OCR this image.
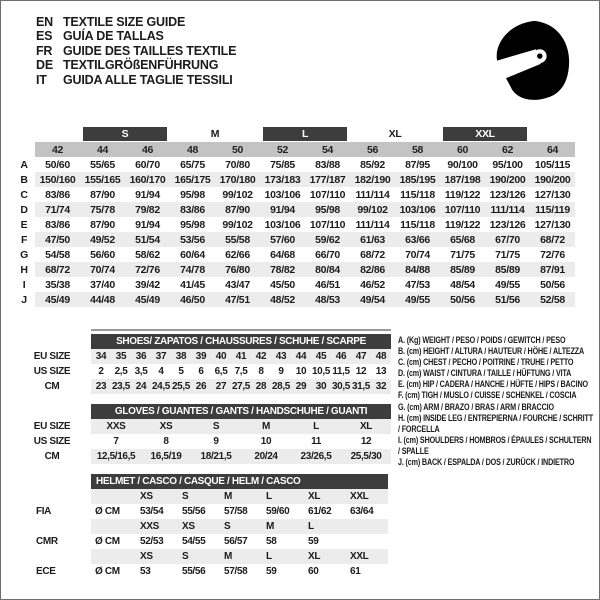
EN TEXTILE SIZE GUIDE
ES GUÍA DE TALLAS
FR GUIDE DES TAILLES TEXTILE
DE TEXTILGRÖßENFÜHRUNG
IT	GUIDA ALLE TAGLIE TESSILI

		S		M		L		XL		XXL		

	42	44	46	48	50	52	54	56	58	60	62	64
A	50/60	55/65	60/70	65/75	70/80	75/85	83/88	85/92	87/95	90/100	95/100	105/115
B	150/160	155/165	160/170	165/175	170/180	173/183	177/187	182/190	185/195	187/198	190/200	190/200
C	83/86	87/90	91/94	95/98	99/102	103/106	107/110	111/114	115/118	119/122	123/126	127/130
D	71/74	75/78	79/82	83/86	87/90	91/94	95/98	99/102	103/106	107/110	111/114	115/119
E	83/86	87/90	91/94	95/98	99/102	103/106	107/110	111/114	115/118	119/122	123/126	127/130
F	47/50	49/52	51/54	53/56	55/58	57/60	59/62	61/63	63/66	65/68	67/70	68/72
G	54/58	56/60	58/62	60/64	62/66	64/68	66/70	68/72	70/74	71/75	71/75	72/76
H	68/72	70/74	72/76	74/78	76/80	78/82	80/84	82/86	84/88	85/89	85/89	87/91
I	35/38	37/40	39/42	41/45	43/47	45/50	46/51	46/52	47/53	48/54	49/55	50/56
J	45/49	44/48	45/49	46/50	47/51	48/52	48/53	49/54	49/55	50/56	51/56	52/58
	SHOES/ ZAPATOS / CHAUSSURES / SCHUHE / SCARPE														
EU SIZE	34	35	36	37	38	39	40	41	42	43	44	45	46	47	48
US SIZE	2	2,5	3,5	4	5	6	6,5	7,5	8	9	10	10,5	11,5	12	13
CM	23	23,5	24	24,5	25,5	26	27	27,5	28	28,5	29	30	30,5	31,5	32
	GLOVES / GUANTES / GANTS / HANDSCHUHE / GUANTI					
EU SIZE	XXS	XS	S	M	L	XL
US SIZE	7	8	9	10	11	12
CM	12,5/16,5	16,5/19	18/21,5	20/24	23/26,5	25,5/30
	HELMET / CASCO / CASQUE / HELM / CASCO						
		XS	S	M	L	XL	XXL
FIA	Ø CM	53/54	55/56	57/58	59/60	61/62	63/64
		XXS	XS	S	M	L	
CMR	Ø CM	52/53	54/55	56/57	58	59	
		XS	S	M	L	XL	XXL
ECE	Ø CM	53	55/56	57/58	59	60	61
A. (Kg) WEIGHT / PESO / POIDS / GEWITCH / PESO
B. (cm) HEIGHT / ALTURA / HAUTEUR / HÖHE / ALTEZZA
C. (cm) CHEST / PECHO / POITRINE / TRUHE / PETTO
D. (cm) WAIST / CINTURA / TAILLE / HÜFTUNG / VITA
E. (cm) HIP / CADERA / HANCHE / HÜFTE / HIPS / BACINO
F. (cm) TIGH / MUSLO / CUISSE / SCHENKEL / COSCIA
G. (cm) ARM / BRAZO / BRAS / ARM / BRACCIO
H. (cm) INSIDE LEG / ENTREPIERNA / FOURCHE / SCHRITT / FORCELLA
I. (cm) SHOULDERS / HOMBROS / ÉPAULES / SCHULTERN / SPALLE
J. (cm) BACK / ESPALDA / DOS / ZURÜCK / INDIETRO
